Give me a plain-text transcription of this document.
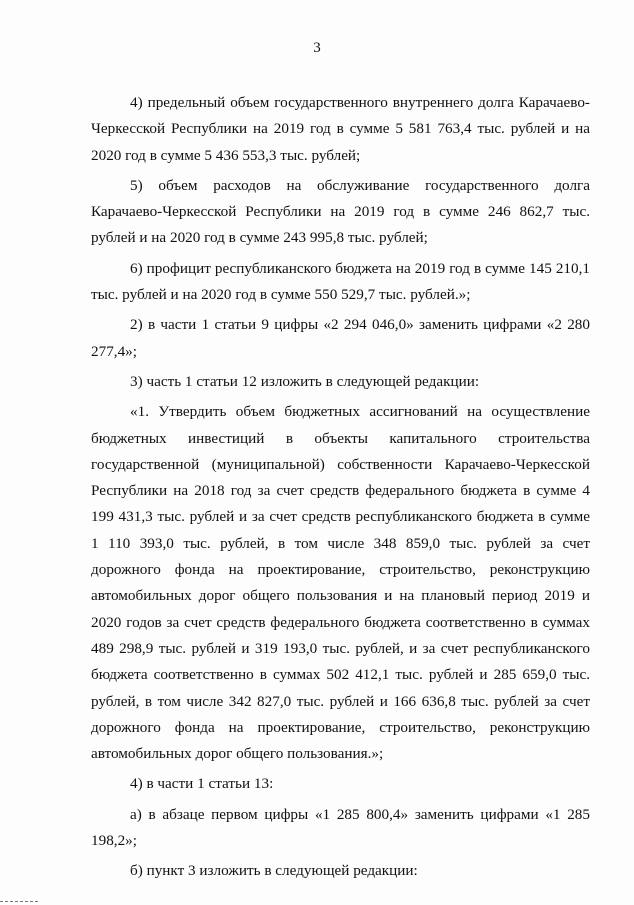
3

4) предельный объем государственного внутреннего долга Карачаево-Черкесской Республики на 2019 год в сумме 5 581 763,4 тыс. рублей и на 2020 год в сумме 5 436 553,3 тыс. рублей;

5) объем расходов на обслуживание государственного долга Карачаево-Черкесской Республики на 2019 год в сумме 246 862,7 тыс. рублей и на 2020 год в сумме 243 995,8 тыс. рублей;

6) профицит республиканского бюджета на 2019 год в сумме 145 210,1 тыс. рублей и на 2020 год в сумме 550 529,7 тыс. рублей.»;

2) в части 1 статьи 9 цифры «2 294 046,0» заменить цифрами «2 280 277,4»;

3) часть 1 статьи 12 изложить в следующей редакции:

«1. Утвердить объем бюджетных ассигнований на осуществление бюджетных инвестиций в объекты капитального строительства государственной (муниципальной) собственности Карачаево-Черкесской Республики на 2018 год за счет средств федерального бюджета в сумме 4 199 431,3 тыс. рублей и за счет средств республиканского бюджета в сумме 1 110 393,0 тыс. рублей, в том числе 348 859,0 тыс. рублей за счет дорожного фонда на проектирование, строительство, реконструкцию автомобильных дорог общего пользования и на плановый период 2019 и 2020 годов за счет средств федерального бюджета соответственно в суммах 489 298,9 тыс. рублей и 319 193,0 тыс. рублей, и за счет республиканского бюджета соответственно в суммах 502 412,1 тыс. рублей и 285 659,0 тыс. рублей, в том числе 342 827,0 тыс. рублей и 166 636,8 тыс. рублей за счет дорожного фонда на проектирование, строительство, реконструкцию автомобильных дорог общего пользования.»;

4) в части 1 статьи 13:

а) в абзаце первом цифры «1 285 800,4» заменить цифрами «1 285 198,2»;

б) пункт 3 изложить в следующей редакции:
